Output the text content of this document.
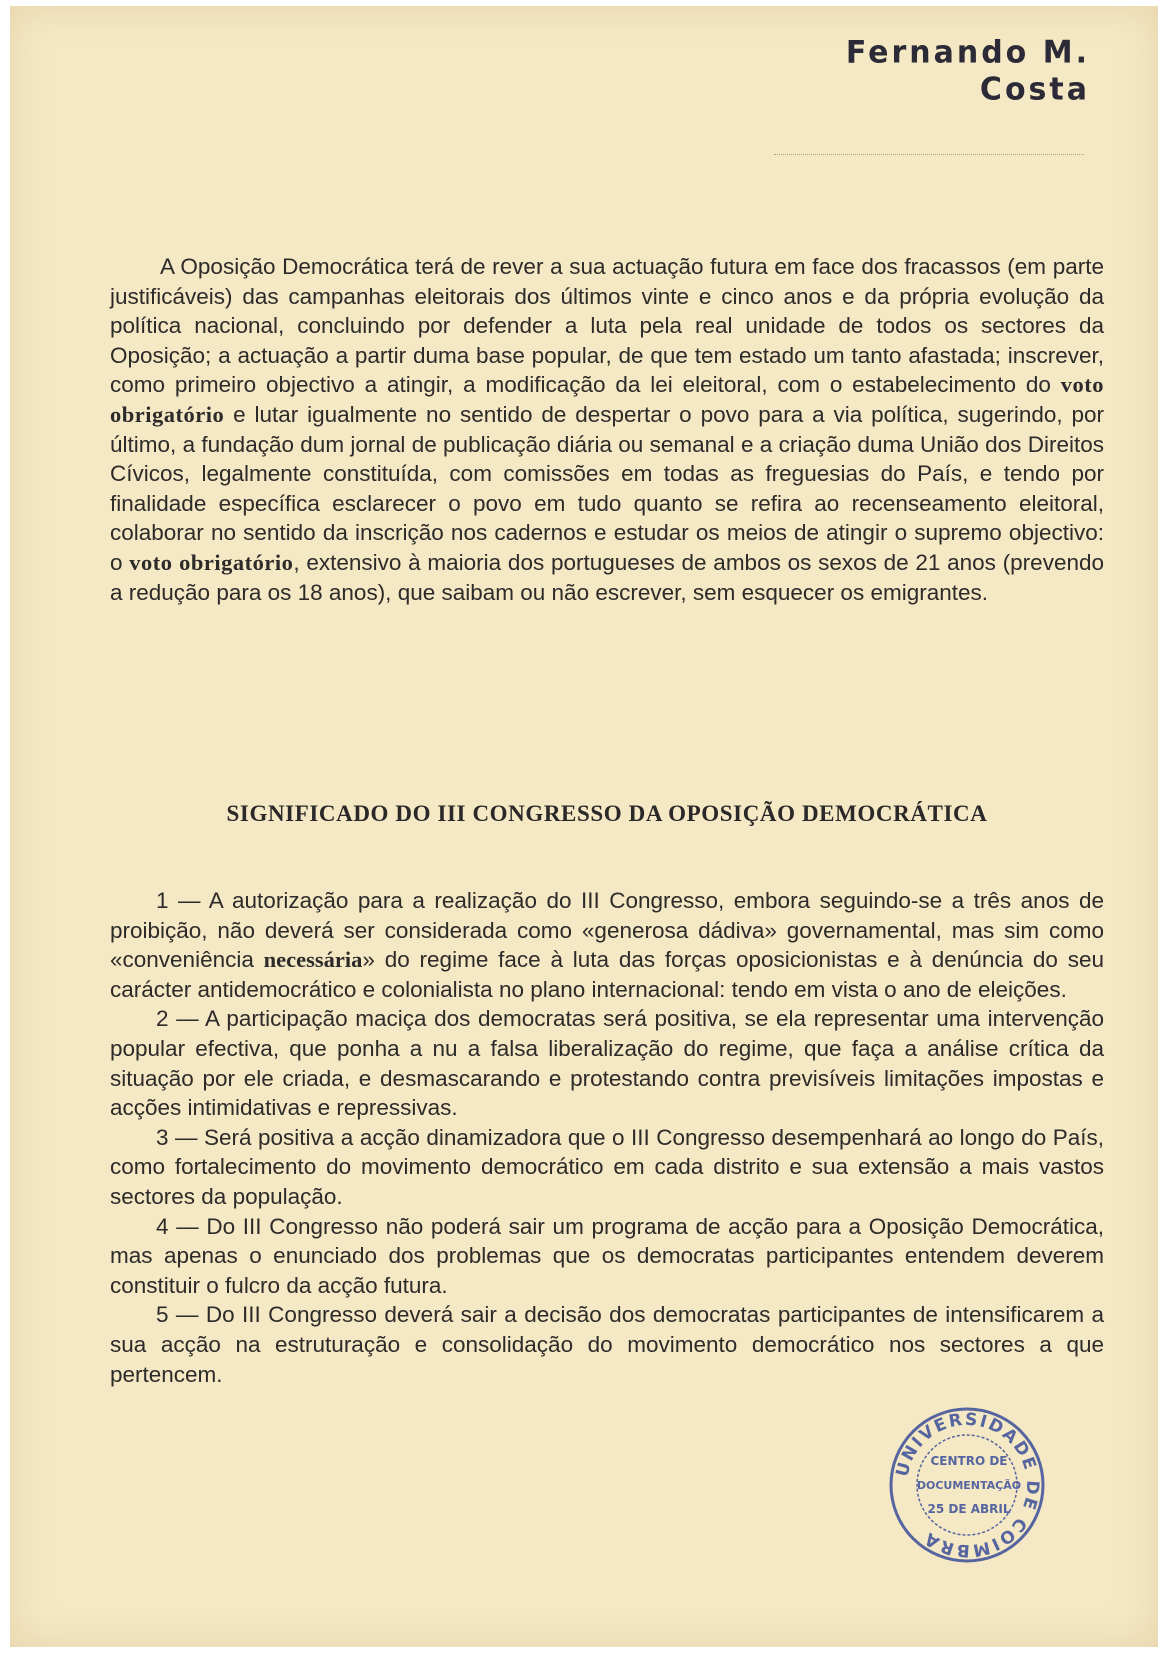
Fernando M. Costa
A Oposição Democrática terá de rever a sua actuação futura em face dos fracassos (em parte justificáveis) das campanhas eleitorais dos últimos vinte e cinco anos e da própria evolução da política nacional, concluindo por defender a luta pela real unidade de todos os sectores da Oposição; a actuação a partir duma base popular, de que tem estado um tanto afastada; inscrever, como primeiro objectivo a atingir, a modificação da lei eleitoral, com o estabelecimento do voto obrigatório e lutar igualmente no sentido de despertar o povo para a via política, sugerindo, por último, a fundação dum jornal de publicação diária ou semanal e a criação duma União dos Direitos Cívicos, legalmente constituída, com comissões em todas as freguesias do País, e tendo por finalidade específica esclarecer o povo em tudo quanto se refira ao recenseamento eleitoral, colaborar no sentido da inscrição nos cadernos e estudar os meios de atingir o supremo objectivo: o voto obrigatório, extensivo à maioria dos portugueses de ambos os sexos de 21 anos (prevendo a redução para os 18 anos), que saibam ou não escrever, sem esquecer os emigrantes.
SIGNIFICADO DO III CONGRESSO DA OPOSIÇÃO DEMOCRÁTICA

1 — A autorização para a realização do III Congresso, embora seguindo-se a três anos de proibição, não deverá ser considerada como «generosa dádiva» governamental, mas sim como «conveniência necessária» do regime face à luta das forças oposicionistas e à denúncia do seu carácter antidemocrático e colonialista no plano internacional: tendo em vista o ano de eleições.

2 — A participação maciça dos democratas será positiva, se ela representar uma intervenção popular efectiva, que ponha a nu a falsa liberalização do regime, que faça a análise crítica da situação por ele criada, e desmascarando e protestando contra previsíveis limitações impostas e acções intimidativas e repressivas.

3 — Será positiva a acção dinamizadora que o III Congresso desempenhará ao longo do País, como fortalecimento do movimento democrático em cada distrito e sua extensão a mais vastos sectores da população.

4 — Do III Congresso não poderá sair um programa de acção para a Oposição Democrática, mas apenas o enunciado dos problemas que os democratas participantes entendem deverem constituir o fulcro da acção futura.

5 — Do III Congresso deverá sair a decisão dos democratas participantes de intensificarem a sua acção na estruturação e consolidação do movimento democrático nos sectores a que pertencem.

UNIVERSIDADE DE COIMBRA
CENTRO DE
DOCUMENTAÇÃO
25 DE ABRIL
